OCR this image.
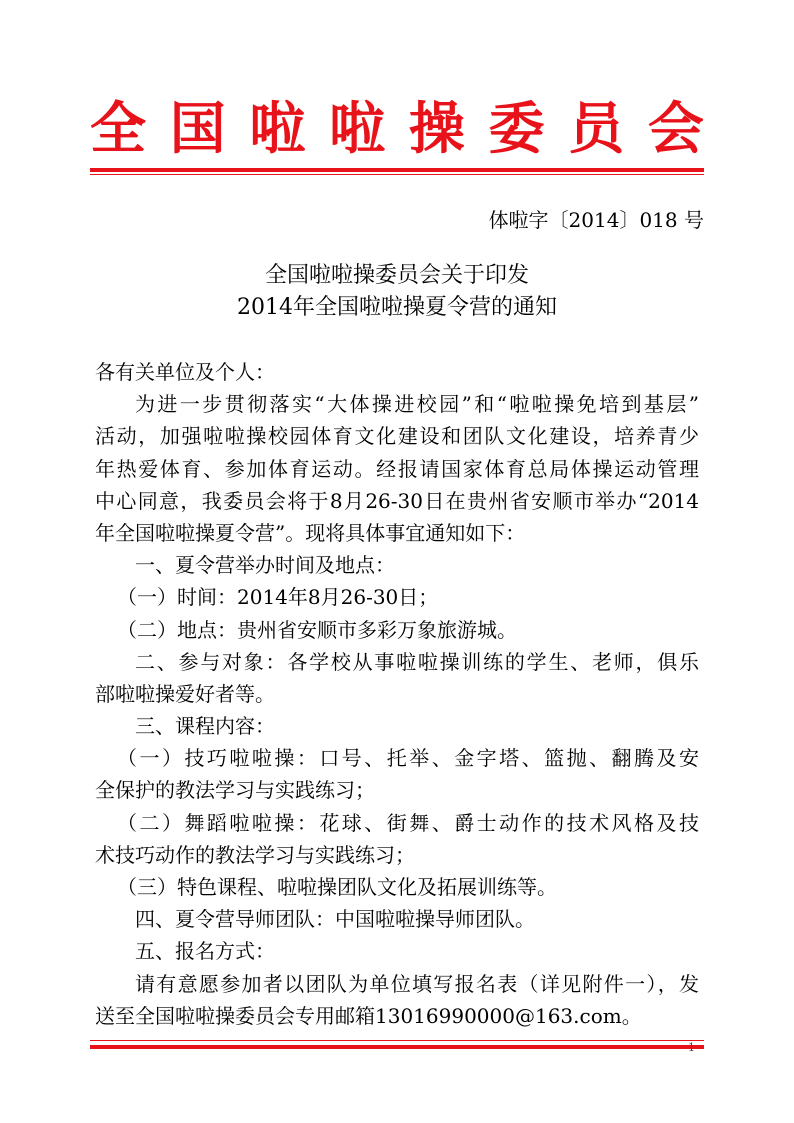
全 国 啦 啦 操 委 员 会
体啦字〔2014〕018 号
全国啦啦操委员会关于印发
2014年全国啦啦操夏令营的通知
各有关单位及个人：
为进一步贯彻落实“大体操进校园”和“啦啦操免培到基层”
活动，加强啦啦操校园体育文化建设和团队文化建设，培养青少
年热爱体育、参加体育运动。经报请国家体育总局体操运动管理
中心同意，我委员会将于8月26-30日在贵州省安顺市举办“2014
年全国啦啦操夏令营”。现将具体事宜通知如下：
一、夏令营举办时间及地点：
（一）时间：2014年8月26-30日；
（二）地点：贵州省安顺市多彩万象旅游城。
二、参与对象：各学校从事啦啦操训练的学生、老师，俱乐
部啦啦操爱好者等。
三、课程内容：
（一）技巧啦啦操：口号、托举、金字塔、篮抛、翻腾及安
全保护的教法学习与实践练习；
（二）舞蹈啦啦操：花球、街舞、爵士动作的技术风格及技
术技巧动作的教法学习与实践练习；
（三）特色课程、啦啦操团队文化及拓展训练等。
四、夏令营导师团队：中国啦啦操导师团队。
五、报名方式：
请有意愿参加者以团队为单位填写报名表（详见附件一），发
送至全国啦啦操委员会专用邮箱13016990000@163.com。
1
